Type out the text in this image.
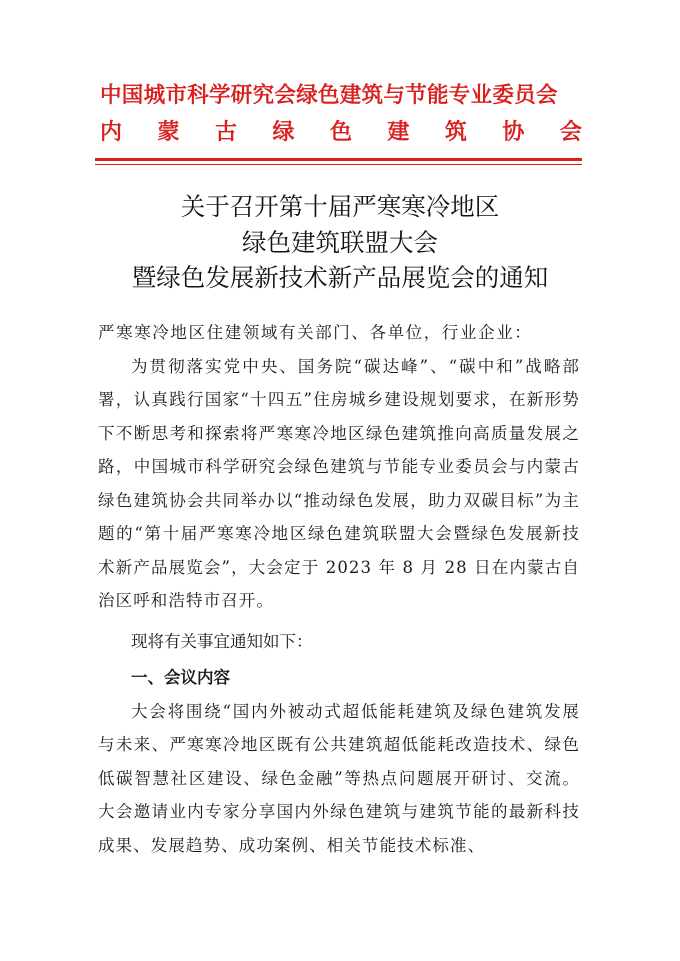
中国城市科学研究会绿色建筑与节能专业委员会

内 蒙 古 绿 色 建 筑 协 会

关于召开第十届严寒寒冷地区
绿色建筑联盟大会
暨绿色发展新技术新产品展览会的通知

严寒寒冷地区住建领域有关部门、各单位，行业企业：

为贯彻落实党中央、国务院“碳达峰”、“碳中和”战略部署，认真践行国家“十四五”住房城乡建设规划要求，在新形势下不断思考和探索将严寒寒冷地区绿色建筑推向高质量发展之路，中国城市科学研究会绿色建筑与节能专业委员会与内蒙古绿色建筑协会共同举办以“推动绿色发展，助力双碳目标”为主题的“第十届严寒寒冷地区绿色建筑联盟大会暨绿色发展新技术新产品展览会”，大会定于 2023 年 8 月 28 日在内蒙古自治区呼和浩特市召开。

现将有关事宜通知如下：

一、会议内容

大会将围绕“国内外被动式超低能耗建筑及绿色建筑发展与未来、严寒寒冷地区既有公共建筑超低能耗改造技术、绿色低碳智慧社区建设、绿色金融”等热点问题展开研讨、交流。大会邀请业内专家分享国内外绿色建筑与建筑节能的最新科技成果、发展趋势、成功案例、相关节能技术标准、
